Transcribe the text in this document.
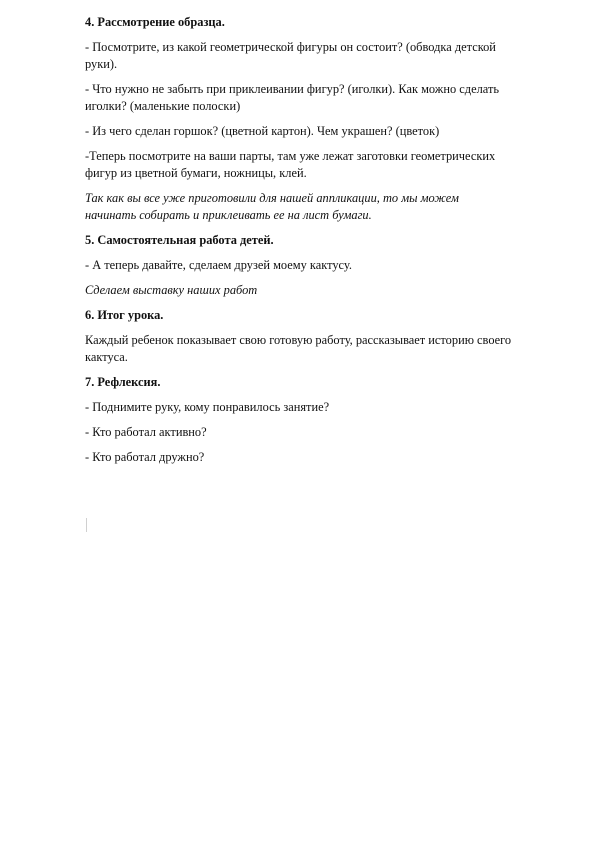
4. Рассмотрение образца.
- Посмотрите, из какой геометрической фигуры он состоит? (обводка детской
руки).
- Что нужно не забыть при приклеивании фигур? (иголки). Как можно сделать
иголки? (маленькие полоски)
- Из чего сделан горшок? (цветной картон). Чем украшен? (цветок)
-Теперь посмотрите на ваши парты, там уже лежат заготовки геометрических
фигур из цветной бумаги, ножницы, клей.
Так как вы все уже приготовили для нашей аппликации, то мы можем
начинать собирать и приклеивать ее на лист бумаги.
5. Самостоятельная работа детей.
- А теперь давайте, сделаем друзей моему кактусу.
Сделаем выставку наших работ
6. Итог урока.
Каждый ребенок показывает свою готовую работу, рассказывает историю своего
кактуса.
7. Рефлексия.
- Поднимите руку, кому понравилось занятие?
- Кто работал активно?
- Кто работал дружно?
